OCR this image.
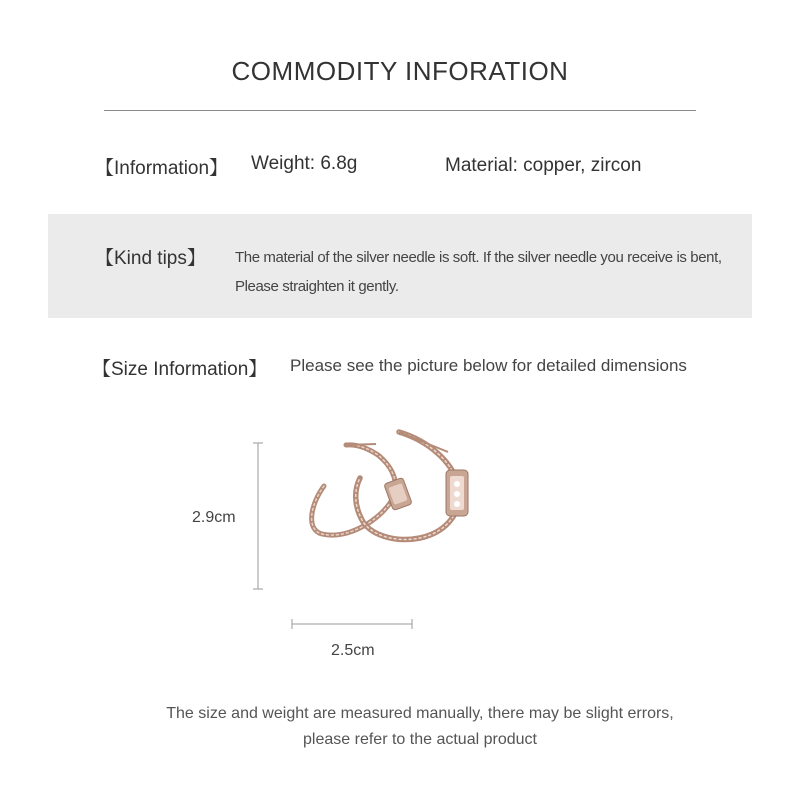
COMMODITY INFORATION
【Information】 Weight: 6.8g	Material: copper, zircon
【Kind tips】 The material of the silver needle is soft. If the silver needle you receive is bent,
Please straighten it gently.
【Size Information】 Please see the picture below for detailed dimensions
2.9cm
2.5cm
The size and weight are measured manually, there may be slight errors,
please refer to the actual product
